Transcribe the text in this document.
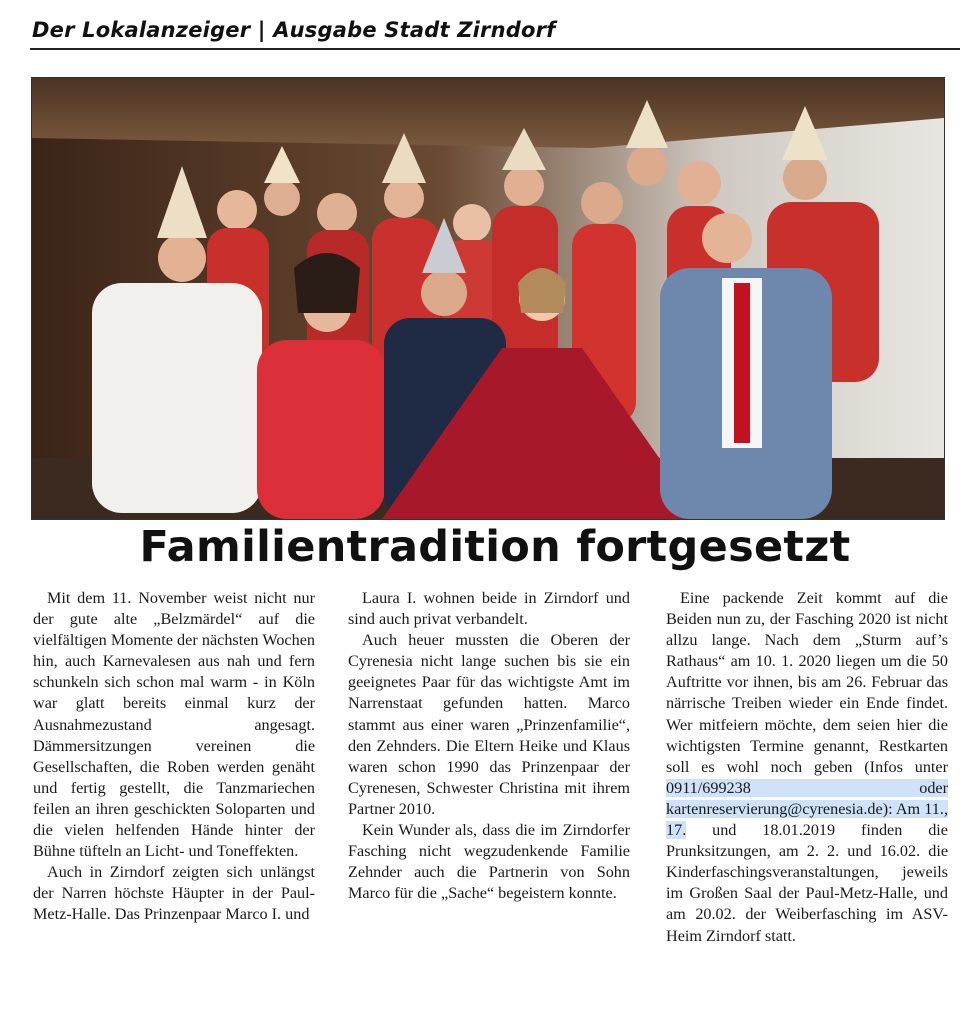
Der Lokalanzeiger | Ausgabe Stadt Zirndorf
Familientradition fortgesetzt

Mit dem 11. November weist nicht nur der gute alte „Belzmärdel“ auf die vielfältigen Momente der nächsten Wochen hin, auch Karnevalesen aus nah und fern schunkeln sich schon mal warm - in Köln war glatt bereits einmal kurz der Ausnahmezustand angesagt. Dämmersitzungen vereinen die Gesellschaften, die Roben werden genäht und fertig gestellt, die Tanzmariechen feilen an ihren geschickten Soloparten und die vielen helfenden Hände hinter der Bühne tüfteln an Licht- und Toneffekten.

Auch in Zirndorf zeigten sich unlängst der Narren höchste Häupter in der Paul-Metz-Halle. Das Prinzenpaar Marco I. und

Laura I. wohnen beide in Zirndorf und sind auch privat verbandelt.

Auch heuer mussten die Oberen der Cyrenesia nicht lange suchen bis sie ein geeignetes Paar für das wichtigste Amt im Narrenstaat gefunden hatten. Marco stammt aus einer waren „Prinzenfamilie“, den Zehnders. Die Eltern Heike und Klaus waren schon 1990 das Prinzenpaar der Cyrenesen, Schwester Christina mit ihrem Partner 2010.

Kein Wunder als, dass die im Zirndorfer Fasching nicht wegzudenkende Familie Zehnder auch die Partnerin von Sohn Marco für die „Sache“ begeistern konnte.

Eine packende Zeit kommt auf die Beiden nun zu, der Fasching 2020 ist nicht allzu lange. Nach dem „Sturm auf’s Rathaus“ am 10. 1. 2020 liegen um die 50 Auftritte vor ihnen, bis am 26. Februar das närrische Treiben wieder ein Ende findet. Wer mitfeiern möchte, dem seien hier die wichtigsten Termine genannt, Restkarten soll es wohl noch geben (Infos unter 0911/699238 oder kartenreservierung@cyrenesia.de): Am 11., 17. und 18.01.2019 finden die Prunksitzungen, am 2. 2. und 16.02. die Kinderfaschingsveranstaltungen, jeweils im Großen Saal der Paul-Metz-Halle, und am 20.02. der Weiberfasching im ASV-Heim Zirndorf statt.
